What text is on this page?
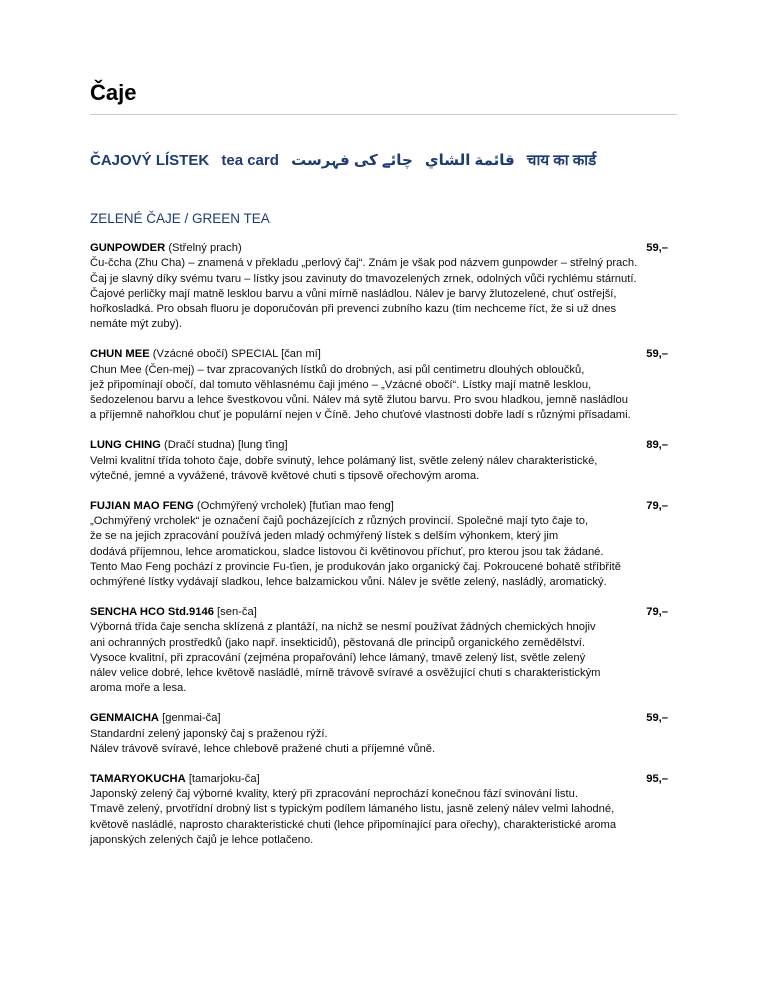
Čaje
ČAJOVÝ LÍSTEK tea card	قائمة الشاي چائے کی فہرست	चाय का कार्ड
ZELENÉ ČAJE / GREEN TEA
GUNPOWDER (Střelný prach)	59,–
Ču-čcha (Zhu Cha) – znamená v překladu „perlový čaj“. Znám je však pod názvem gunpowder – střelný prach.
Čaj je slavný díky svému tvaru – lístky jsou zavinuty do tmavozelených zrnek, odolných vůči rychlému stárnutí.
Čajové perličky mají matně lesklou barvu a vůni mírně nasládlou. Nálev je barvy žlutozelené, chuť ostřejší,
hořkosladká. Pro obsah fluoru je doporučován při prevenci zubního kazu (tím nechceme říct, že si už dnes
nemáte mýt zuby).
CHUN MEE (Vzácné obočí) SPECIAL [čan mí]	59,–
Chun Mee (Čen-mej) – tvar zpracovaných lístků do drobných, asi půl centimetru dlouhých obloučků,
jež připomínají obočí, dal tomuto věhlasnému čaji jméno – „Vzácné obočí“. Lístky mají matně lesklou,
šedozelenou barvu a lehce švestkovou vůni. Nálev má sytě žlutou barvu. Pro svou hladkou, jemně nasládlou
a příjemně nahořklou chuť je populární nejen v Číně. Jeho chuťové vlastnosti dobře ladí s různými přísadami.
LUNG CHING (Dračí studna) [lung ťing]	89,–
Velmi kvalitní třída tohoto čaje, dobře svinutý, lehce polámaný list, světle zelený nálev charakteristické,
výtečné, jemné a vyvážené, trávově květové chuti s tipsově ořechovým aroma.
FUJIAN MAO FENG (Ochmýřený vrcholek) [fuťian mao feng]	79,–
„Ochmýřený vrcholek“ je označení čajů pocházejících z různých provincií. Společné mají tyto čaje to,
že se na jejich zpracování používá jeden mladý ochmýřený lístek s delším výhonkem, který jim
dodává příjemnou, lehce aromatickou, sladce listovou či květinovou příchuť, pro kterou jsou tak žádané.
Tento Mao Feng pochází z provincie Fu-ťien, je produkován jako organický čaj. Pokroucené bohatě stříbřitě
ochmýřené lístky vydávají sladkou, lehce balzamickou vůni. Nálev je světle zelený, nasládlý, aromatický.
SENCHA HCO Std.9146 [sen-ča]	79,–
Výborná třída čaje sencha sklízená z plantáží, na nichž se nesmí používat žádných chemických hnojiv
ani ochranných prostředků (jako např. insekticidů), pěstovaná dle principů organického zemědělství.
Vysoce kvalitní, při zpracování (zejména propařování) lehce lámaný, tmavě zelený list, světle zelený
nálev velice dobré, lehce květově nasládlé, mírně trávově svíravé a osvěžující chuti s charakteristickým
aroma moře a lesa.
GENMAICHA [genmai-ča]	59,–
Standardní zelený japonský čaj s praženou rýží.
Nálev trávově svíravé, lehce chlebově pražené chuti a příjemné vůně.
TAMARYOKUCHA [tamarjoku-ča]	95,–
Japonský zelený čaj výborné kvality, který při zpracování neprochází konečnou fází svinování listu.
Tmavě zelený, prvotřídní drobný list s typickým podílem lámaného listu, jasně zelený nálev velmi lahodné,
květově nasládlé, naprosto charakteristické chuti (lehce připomínající para ořechy), charakteristické aroma
japonských zelených čajů je lehce potlačeno.
